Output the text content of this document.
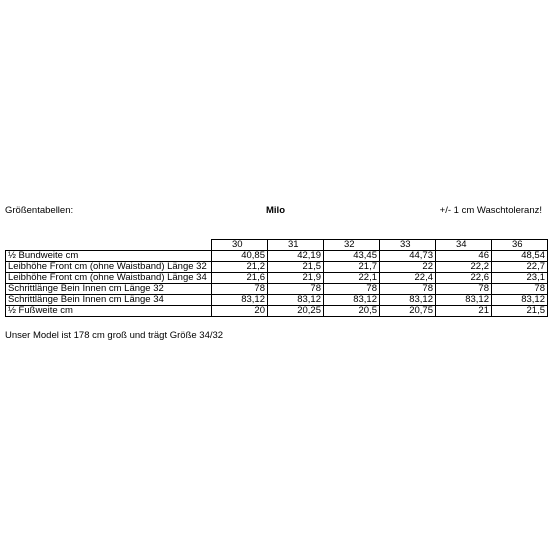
Größentabellen:	Milo	+/- 1 cm Waschtoleranz!
	30	31	32	33	34	36
½ Bundweite cm	40,85	42,19	43,45	44,73	46	48,54
Leibhöhe Front cm (ohne Waistband) Länge 32	21,2	21,5	21,7	22	22,2	22,7
Leibhöhe Front cm (ohne Waistband) Länge 34	21,6	21,9	22,1	22,4	22,6	23,1
Schrittlänge Bein Innen cm Länge 32	78	78	78	78	78	78
Schrittlänge Bein Innen cm Länge 34	83,12	83,12	83,12	83,12	83,12	83,12
½ Fußweite cm	20	20,25	20,5	20,75	21	21,5
Unser Model ist 178 cm groß und trägt Größe 34/32
